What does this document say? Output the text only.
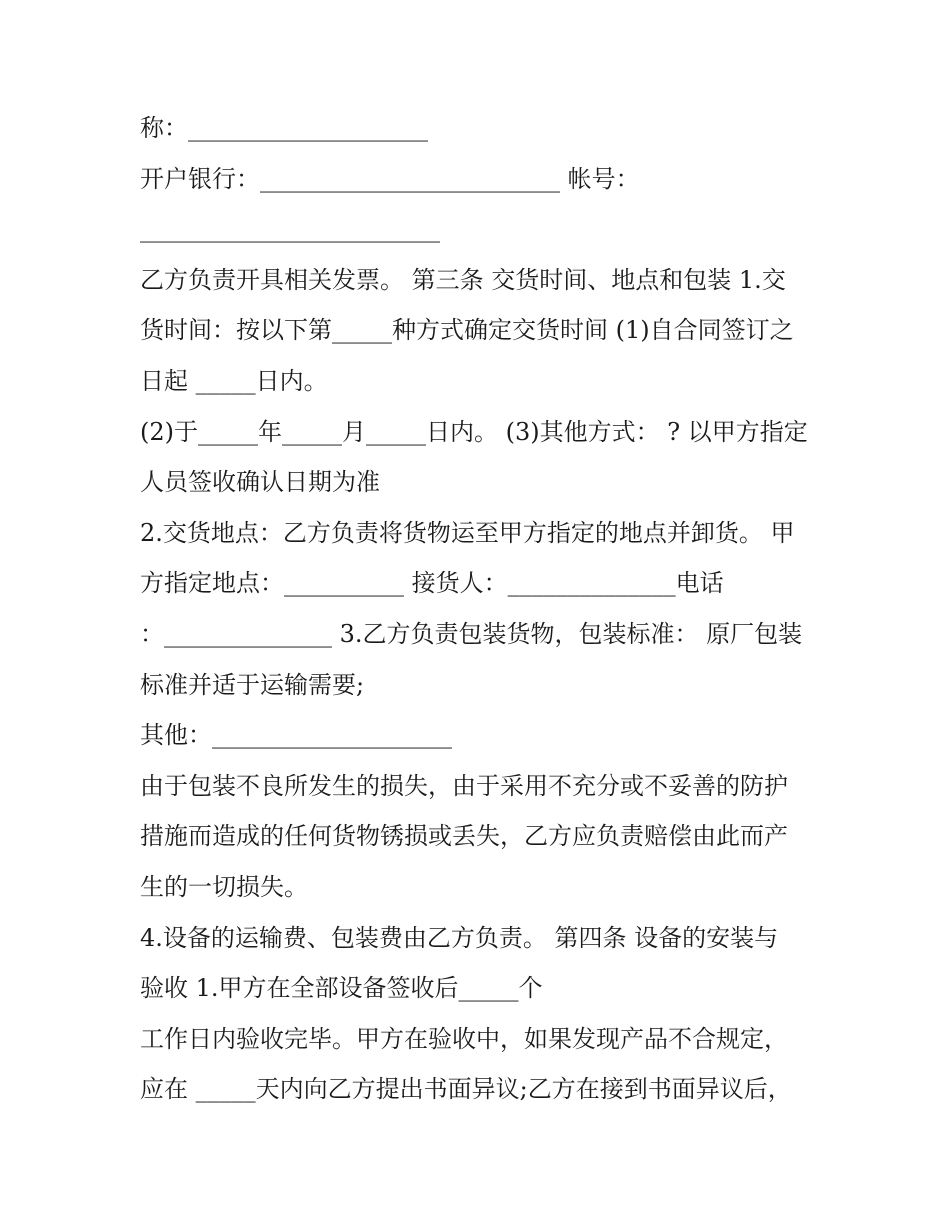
称：____________________
开户银行：_________________________ 帐号：
_________________________
乙方负责开具相关发票。 第三条 交货时间、地点和包装 1.交
货时间：按以下第_____种方式确定交货时间 (1)自合同签订之
日起 _____日内。
(2)于_____年_____月_____日内。 (3)其他方式： ? 以甲方指定
人员签收确认日期为准
2.交货地点：乙方负责将货物运至甲方指定的地点并卸货。 甲
方指定地点：__________ 接货人：______________电话
：______________ 3.乙方负责包装货物，包装标准： 原厂包装
标准并适于运输需要;
其他：____________________
由于包装不良所发生的损失，由于采用不充分或不妥善的防护
措施而造成的任何货物锈损或丢失，乙方应负责赔偿由此而产
生的一切损失。
4.设备的运输费、包装费由乙方负责。 第四条 设备的安装与
验收 1.甲方在全部设备签收后_____个
工作日内验收完毕。甲方在验收中，如果发现产品不合规定，
应在 _____天内向乙方提出书面异议;乙方在接到书面异议后，
